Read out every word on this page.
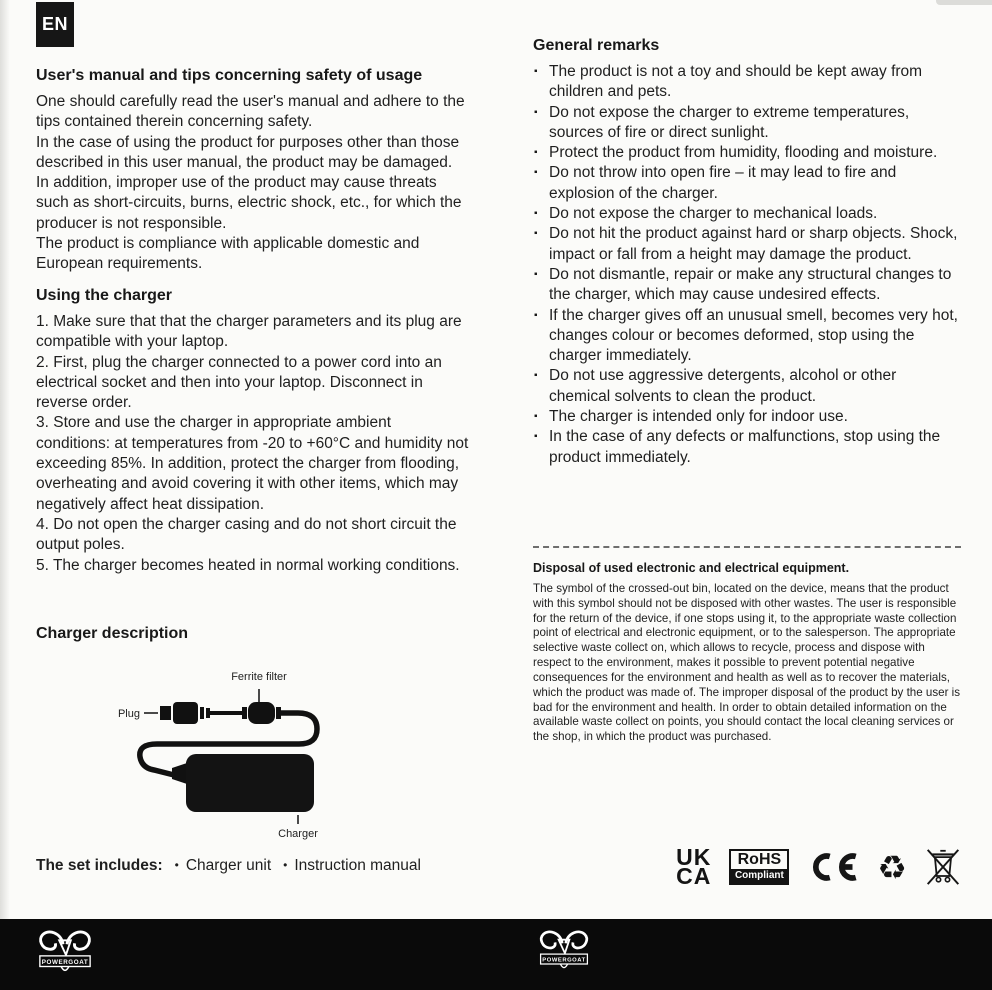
EN
User's manual and tips concerning safety of usage

One should carefully read the user's manual and adhere to the tips contained therein concerning safety.

In the case of using the product for purposes other than those described in this user manual, the product may be damaged. In addition, improper use of the product may cause threats such as short-circuits, burns, electric shock, etc., for which the producer is not responsible.

The product is compliance with applicable domestic and European requirements.

Using the charger

1. Make sure that that the charger parameters and its plug are compatible with your laptop.

2. First, plug the charger connected to a power cord into an electrical socket and then into your laptop. Disconnect in reverse order.

3. Store and use the charger in appropriate ambient conditions: at temperatures from -20 to +60°C and humidity not exceeding 85%. In addition, protect the charger from flooding, overheating and avoid covering it with other items, which may negatively affect heat dissipation.

4. Do not open the charger casing and do not short circuit the output poles.

5. The charger becomes heated in normal working conditions.

Charger description
Ferrite filter
Plug
Charger
The set includes: • Charger unit • Instruction manual
General remarks

▪ The product is not a toy and should be kept away from children and pets.

▪ Do not expose the charger to extreme temperatures, sources of fire or direct sunlight.

▪ Protect the product from humidity, flooding and moisture.

▪ Do not throw into open fire – it may lead to fire and explosion of the charger.

▪ Do not expose the charger to mechanical loads.

▪ Do not hit the product against hard or sharp objects. Shock, impact or fall from a height may damage the product.

▪ Do not dismantle, repair or make any structural changes to the charger, which may cause undesired effects.

▪ If the charger gives off an unusual smell, becomes very hot, changes colour or becomes deformed, stop using the charger immediately.

▪ Do not use aggressive detergents, alcohol or other chemical solvents to clean the product.

▪ The charger is intended only for indoor use.

▪ In the case of any defects or malfunctions, stop using the product immediately.

Disposal of used electronic and electrical equipment.

The symbol of the crossed-out bin, located on the device, means that the product with this symbol should not be disposed with other wastes. The user is responsible for the return of the device, if one stops using it, to the appropriate waste collection point of electrical and electronic equipment, or to the salesperson. The appropriate selective waste collect on, which allows to recycle, process and dispose with respect to the environment, makes it possible to prevent potential negative consequences for the environment and health as well as to recover the materials, which the product was made of. The improper disposal of the product by the user is bad for the environment and health. In order to obtain detailed information on the available waste collect on points, you should contact the local cleaning services or the shop, in which the product was purchased.

UK
CA
RoHS
Compliant	♻
POWERGOAT	POWERGOAT
